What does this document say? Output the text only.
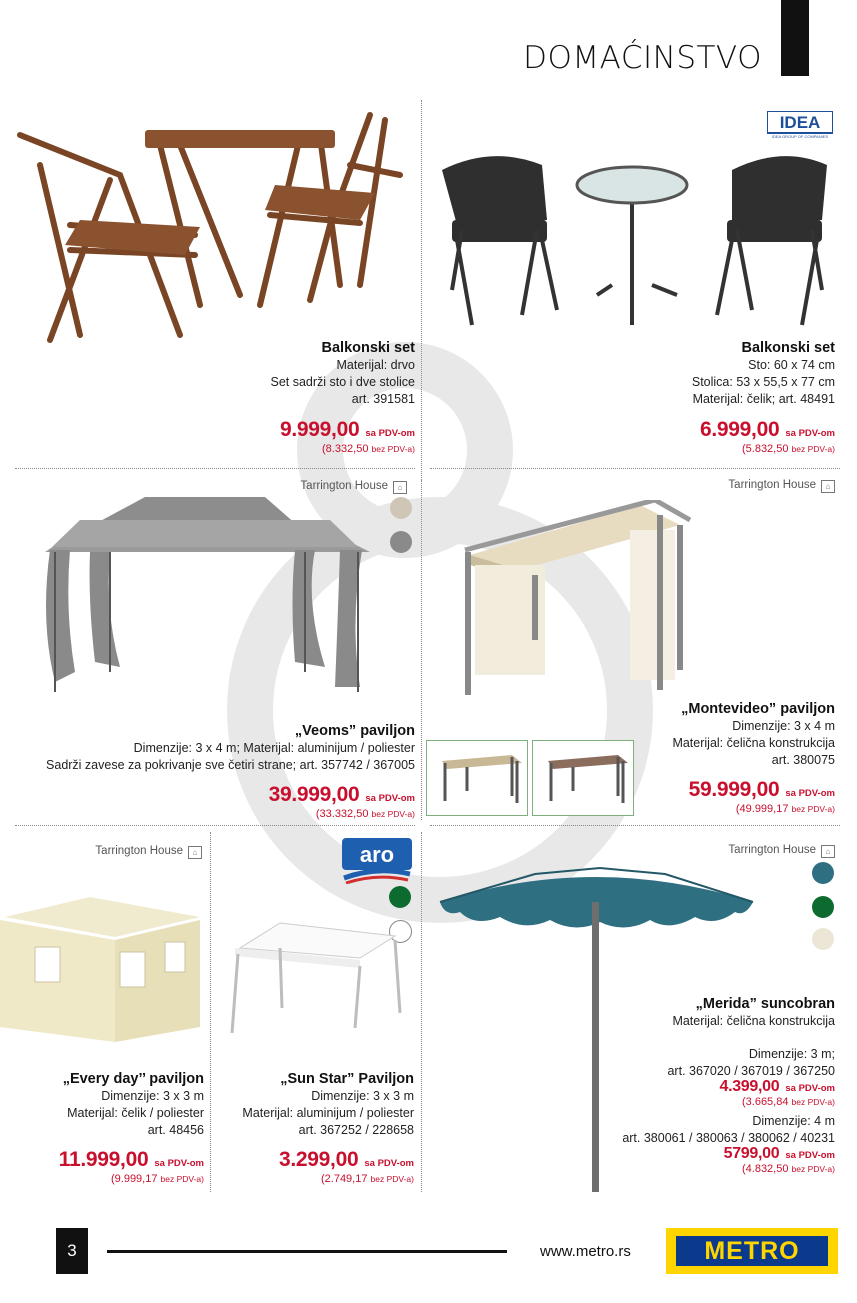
DOMAĆINSTVO
Balkonski set
Materijal: drvo
Set sadrži sto i dve stolice
art. 391581
9.999,00 sa PDV-om
(8.332,50 bez PDV-a)
IDEA
IDEA GROUP OF COMPANIES
Balkonski set
Sto: 60 x 74 cm
Stolica: 53 x 55,5 x 77 cm
Materijal: čelik; art. 48491
6.999,00 sa PDV-om
(5.832,50 bez PDV-a)
Tarrington House ⌂
„Veoms” paviljon
Dimenzije: 3 x 4 m; Materijal: aluminijum / poliester
Sadrži zavese za pokrivanje sve četiri strane; art. 357742 / 367005
39.999,00 sa PDV-om
(33.332,50 bez PDV-a)
Tarrington House ⌂
„Montevideo” paviljon
Dimenzije: 3 x 4 m
Materijal: čelična konstrukcija
art. 380075
59.999,00 sa PDV-om
(49.999,17 bez PDV-a)
Tarrington House ⌂
„Every day’’ paviljon
Dimenzije: 3 x 3 m
Materijal: čelik / poliester
art. 48456
11.999,00 sa PDV-om
(9.999,17 bez PDV-a)
aro
„Sun Star” Paviljon
Dimenzije: 3 x 3 m
Materijal: aluminijum / poliester
art. 367252 / 228658
3.299,00 sa PDV-om
(2.749,17 bez PDV-a)
Tarrington House ⌂
„Merida” suncobran
Materijal: čelična konstrukcija
Dimenzije: 3 m;
art. 367020 / 367019 / 367250
4.399,00 sa PDV-om
(3.665,84 bez PDV-a)
Dimenzije: 4 m
art. 380061 / 380063 / 380062 / 40231
5799,00 sa PDV-om
(4.832,50 bez PDV-a)
3	www.metro.rs	METRO
